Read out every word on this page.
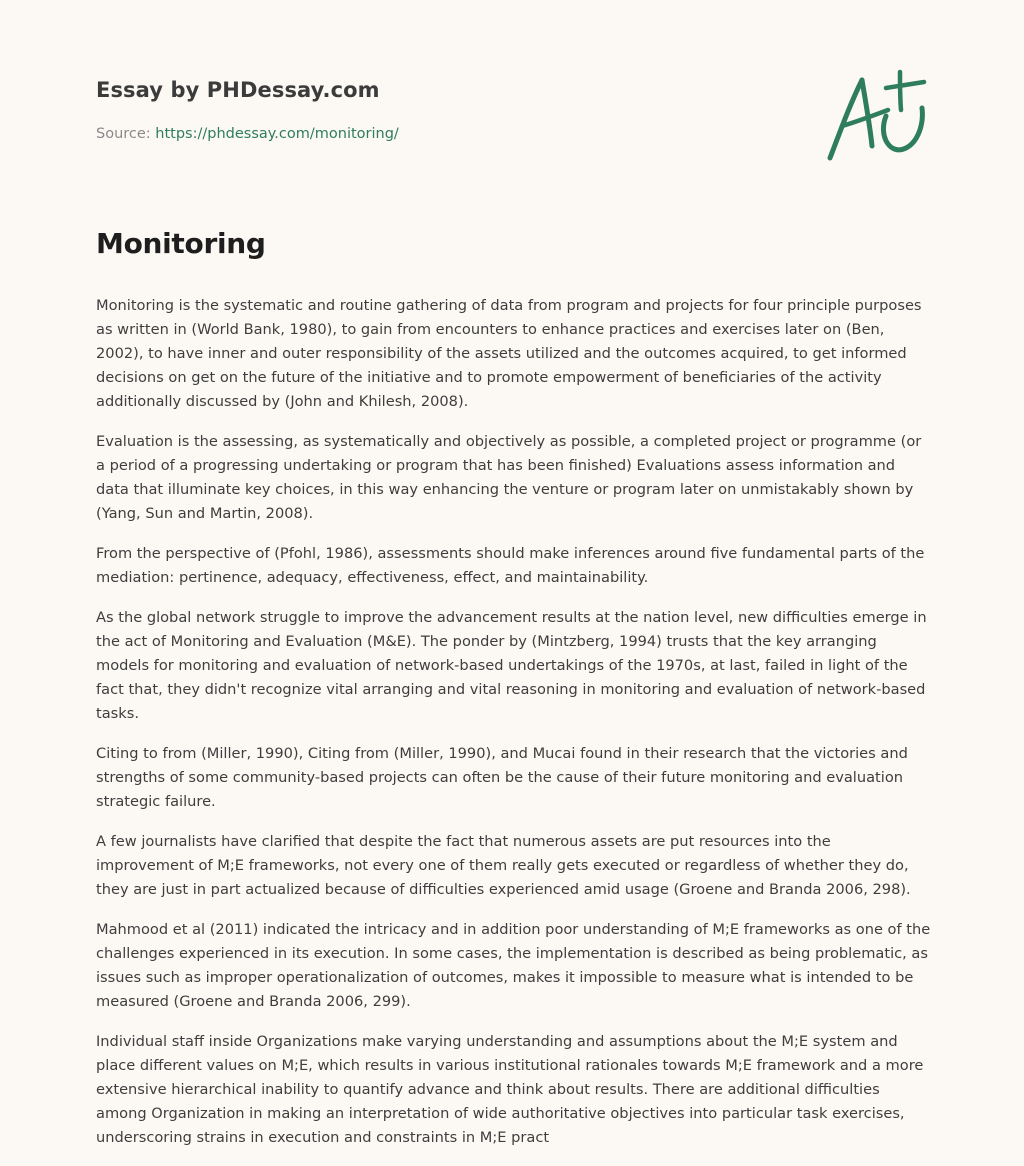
Essay by PHDessay.com
Source: https://phdessay.com/monitoring/
Monitoring

Monitoring is the systematic and routine gathering of data from program and projects for four principle purposes as written in (World Bank, 1980), to gain from encounters to enhance practices and exercises later on (Ben, 2002), to have inner and outer responsibility of the assets utilized and the outcomes acquired, to get informed decisions on get on the future of the initiative and to promote empowerment of beneficiaries of the activity additionally discussed by (John and Khilesh, 2008).

Evaluation is the assessing, as systematically and objectively as possible, a completed project or programme (or a period of a progressing undertaking or program that has been finished) Evaluations assess information and data that illuminate key choices, in this way enhancing the venture or program later on unmistakably shown by (Yang, Sun and Martin, 2008).

From the perspective of (Pfohl, 1986), assessments should make inferences around five fundamental parts of the mediation: pertinence, adequacy, effectiveness, effect, and maintainability.

As the global network struggle to improve the advancement results at the nation level, new difficulties emerge in the act of Monitoring and Evaluation (M&E). The ponder by (Mintzberg, 1994) trusts that the key arranging models for monitoring and evaluation of network-based undertakings of the 1970s, at last, failed in light of the fact that, they didn't recognize vital arranging and vital reasoning in monitoring and evaluation of network-based tasks.

Citing to from (Miller, 1990), Citing from (Miller, 1990), and Mucai found in their research that the victories and strengths of some community-based projects can often be the cause of their future monitoring and evaluation strategic failure.

A few journalists have clarified that despite the fact that numerous assets are put resources into the improvement of M;E frameworks, not every one of them really gets executed or regardless of whether they do, they are just in part actualized because of difficulties experienced amid usage (Groene and Branda 2006, 298).

Mahmood et al (2011) indicated the intricacy and in addition poor understanding of M;E frameworks as one of the challenges experienced in its execution. In some cases, the implementation is described as being problematic, as issues such as improper operationalization of outcomes, makes it impossible to measure what is intended to be measured (Groene and Branda 2006, 299).

Individual staff inside Organizations make varying understanding and assumptions about the M;E system and place different values on M;E, which results in various institutional rationales towards M;E framework and a more extensive hierarchical inability to quantify advance and think about results. There are additional difficulties among Organization in making an interpretation of wide authoritative objectives into particular task exercises, underscoring strains in execution and constraints in M;E pract
